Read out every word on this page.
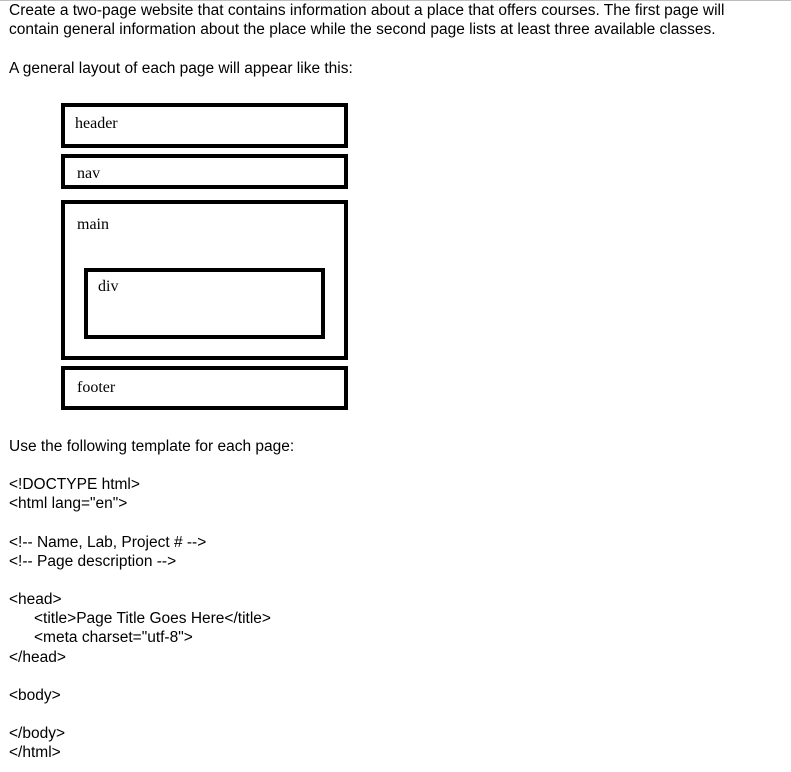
Create a two-page website that contains information about a place that offers courses. The first page will

contain general information about the place while the second page lists at least three available classes.

A general layout of each page will appear like this:

header
nav
main
div
footer

Use the following template for each page:

<!DOCTYPE html>
<html lang="en">
<!-- Name, Lab, Project # -->
<!-- Page description -->
<head>
<title>Page Title Goes Here</title>
<meta charset="utf-8">
</head>
<body>
</body>
</html>
